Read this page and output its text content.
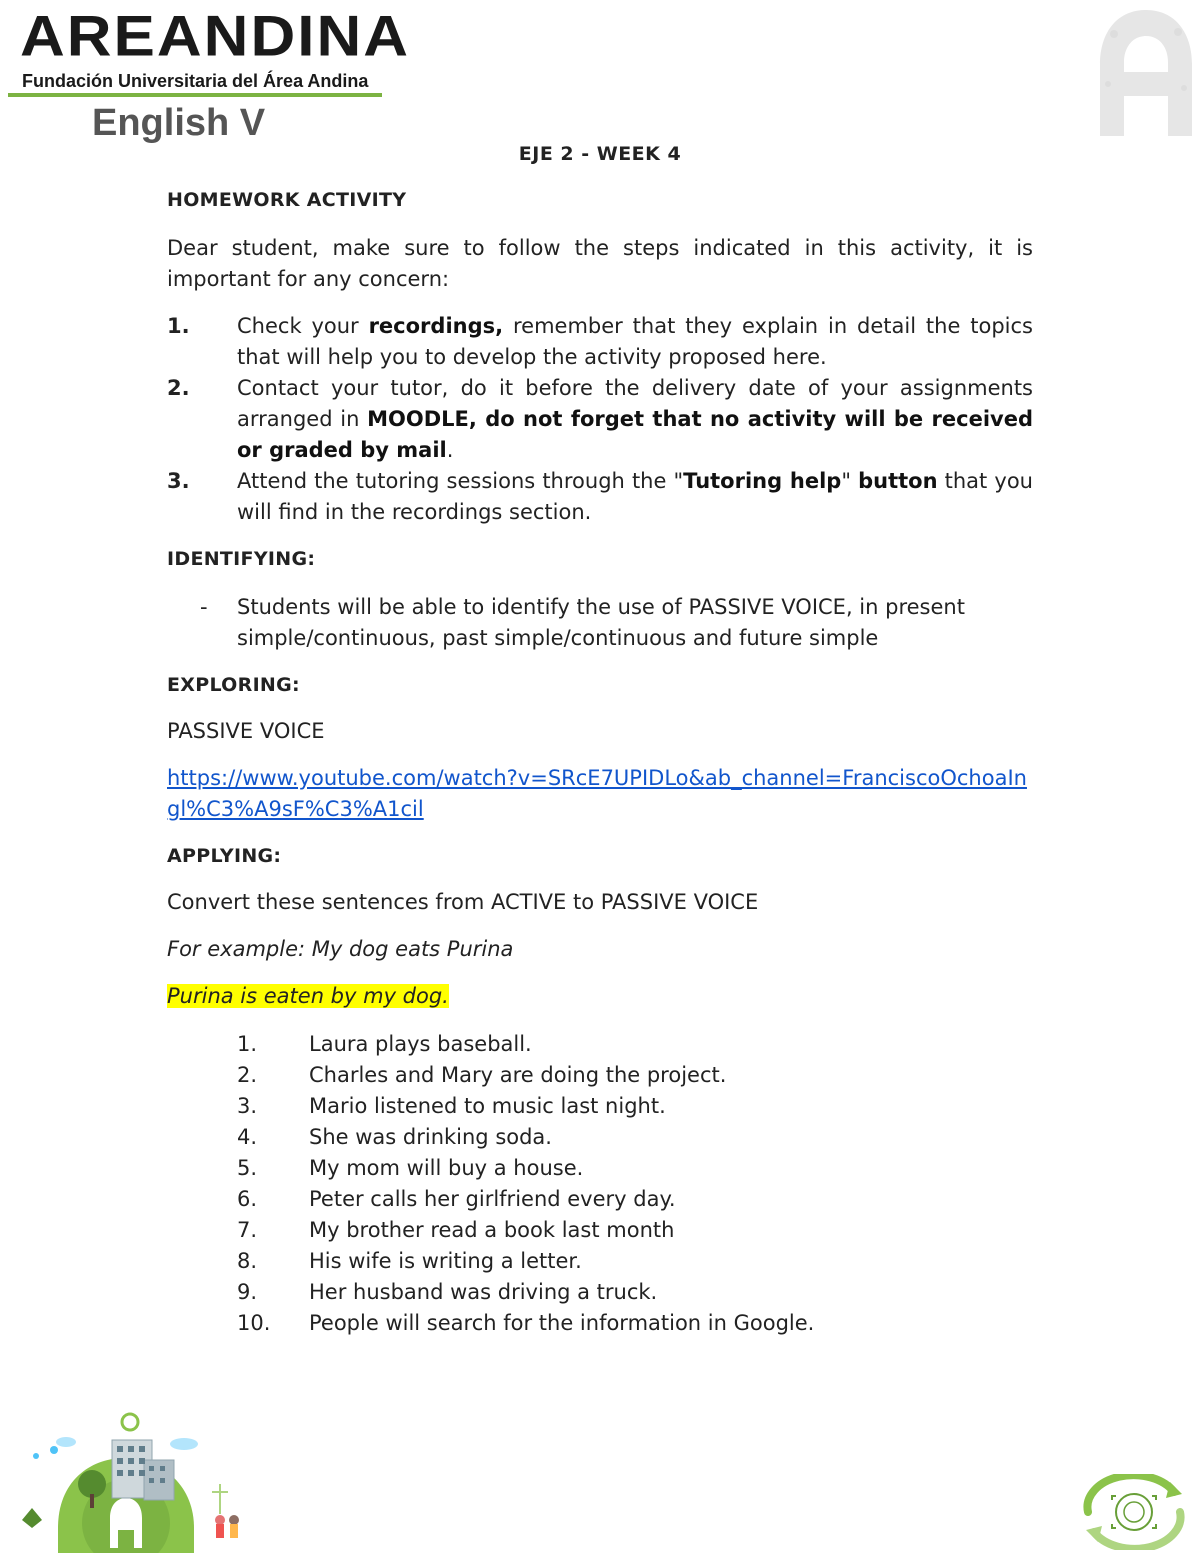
AREANDINA
Fundación Universitaria del Área Andina
English V
EJE 2 - WEEK 4
HOMEWORK ACTIVITY
Dear student, make sure to follow the steps indicated in this activity, it is important for any concern:
1. Check your recordings, remember that they explain in detail the topics that will help you to develop the activity proposed here.
2. Contact your tutor, do it before the delivery date of your assignments arranged in MOODLE, do not forget that no activity will be received or graded by mail.
3. Attend the tutoring sessions through the "Tutoring help" button that you will find in the recordings section.
IDENTIFYING:
- Students will be able to identify the use of PASSIVE VOICE, in present simple/continuous, past simple/continuous and future simple
EXPLORING:
PASSIVE VOICE
https://www.youtube.com/watch?v=SRcE7UPIDLo&ab_channel=FranciscoOchoaIngl%C3%A9sF%C3%A1cil
APPLYING:
Convert these sentences from ACTIVE to PASSIVE VOICE
For example: My dog eats Purina
Purina is eaten by my dog.
1. Laura plays baseball.
2. Charles and Mary are doing the project.
3. Mario listened to music last night.
4. She was drinking soda.
5. My mom will buy a house.
6. Peter calls her girlfriend every day.
7. My brother read a book last month
8. His wife is writing a letter.
9. Her husband was driving a truck.
10. People will search for the information in Google.
